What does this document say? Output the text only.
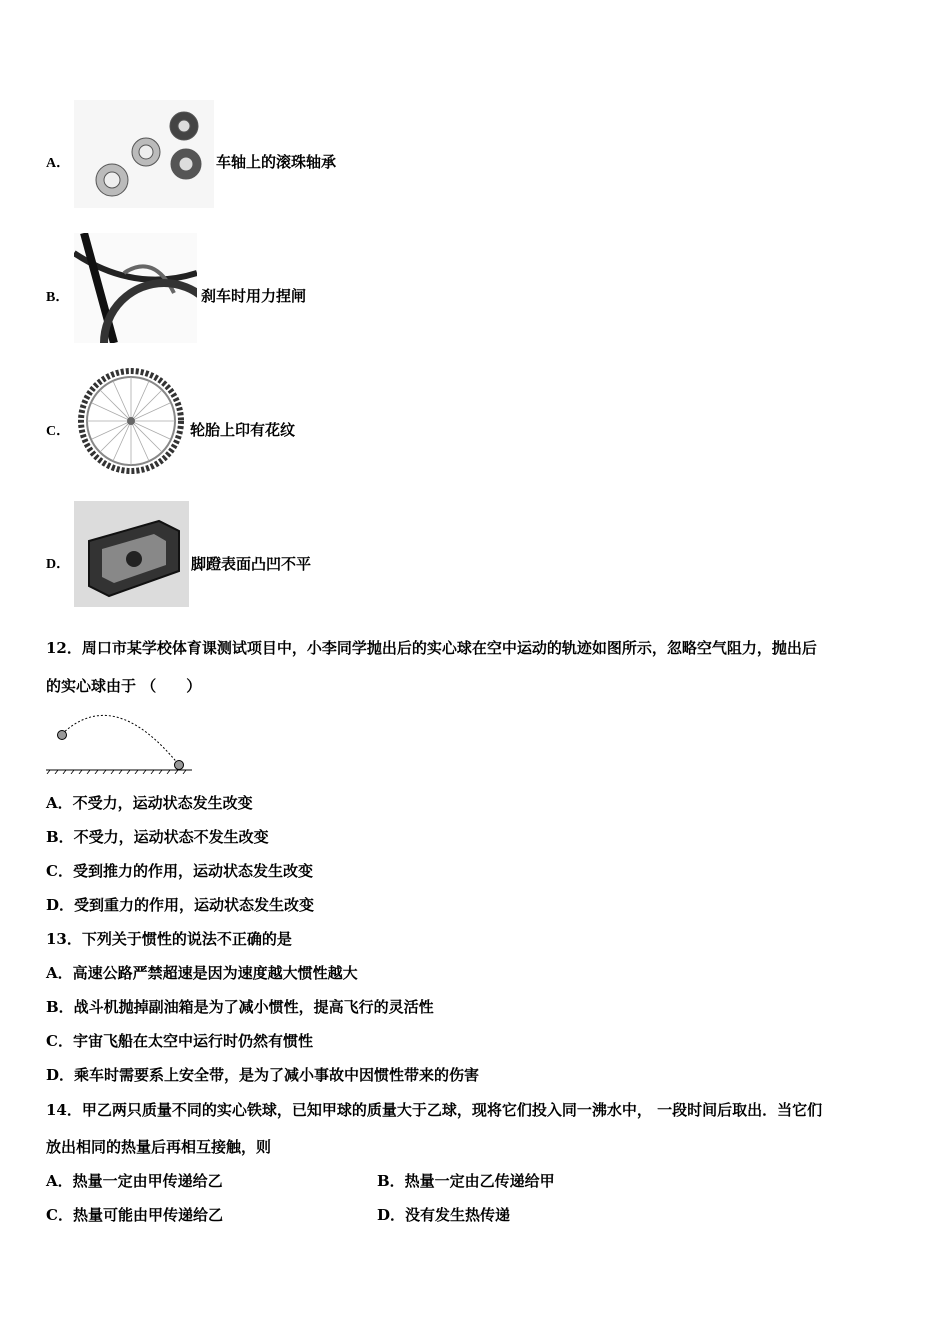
A．	车轴上的滚珠轴承
B．	刹车时用力捏闸
C．	轮胎上印有花纹
D．	脚蹬表面凸凹不平
12．周口市某学校体育课测试项目中，小李同学抛出后的实心球在空中运动的轨迹如图所示，忽略空气阻力，抛出后
的实心球由于 （　　）
A．不受力，运动状态发生改变
B．不受力，运动状态不发生改变
C．受到推力的作用，运动状态发生改变
D．受到重力的作用，运动状态发生改变
13．下列关于惯性的说法不正确的是
A．高速公路严禁超速是因为速度越大惯性越大
B．战斗机抛掉副油箱是为了减小惯性，提高飞行的灵活性
C．宇宙飞船在太空中运行时仍然有惯性
D．乘车时需要系上安全带，是为了减小事故中因惯性带来的伤害
14．甲乙两只质量不同的实心铁球，已知甲球的质量大于乙球，现将它们投入同一沸水中， 一段时间后取出．当它们
放出相同的热量后再相互接触，则
A．热量一定由甲传递给乙	B．热量一定由乙传递给甲
C．热量可能由甲传递给乙	D．没有发生热传递
